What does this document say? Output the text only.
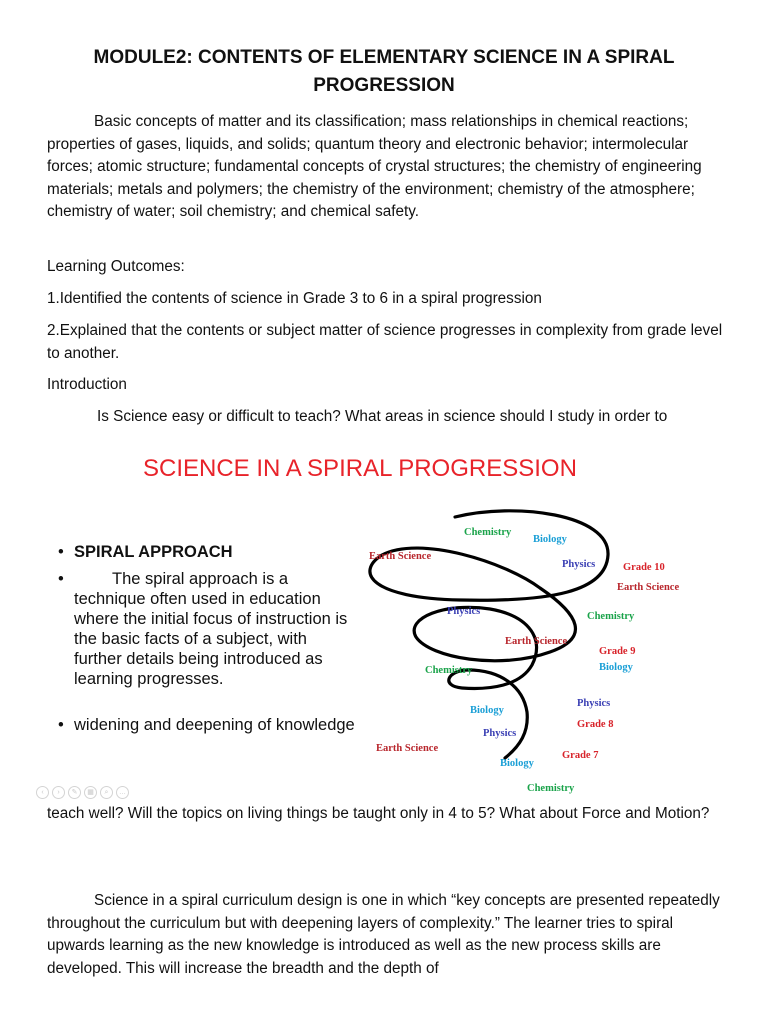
MODULE2: CONTENTS OF ELEMENTARY SCIENCE IN A SPIRAL PROGRESSION

Basic concepts of matter and its classification; mass relationships in chemical reactions; properties of gases, liquids, and solids; quantum theory and electronic behavior; intermolecular forces; atomic structure; fundamental concepts of crystal structures; the chemistry of engineering materials; metals and polymers; the chemistry of the environment; chemistry of the atmosphere; chemistry of water; soil chemistry; and chemical safety.

Learning Outcomes:

1.Identified the contents of science in Grade 3 to 6 in a spiral progression

2.Explained that the contents or subject matter of science progresses in complexity from grade level to another.

Introduction

Is Science easy or difficult to teach? What areas in science should I study in order to

SCIENCE IN A SPIRAL PROGRESSION
• SPIRAL APPROACH
•	The spiral approach is a technique often used in education where the initial focus of instruction is the basic facts of a subject, with further details being introduced as learning progresses.
• widening and deepening of knowledge
Chemistry
Biology
Earth Science
Physics	Grade 10
Earth Science
Physics	Chemistry
Earth Science
Grade 9
Chemistry	Biology
Physics
Biology
Grade 8
Physics
Earth Science
Grade 7
Biology
Chemistry
‹	›	✎	▦	⌕	…

teach well? Will the topics on living things be taught only in 4 to 5? What about Force and Motion?

Science in a spiral curriculum design is one in which “key concepts are presented repeatedly throughout the curriculum but with deepening layers of complexity.” The learner tries to spiral upwards learning as the new knowledge is introduced as well as the new process skills are developed. This will increase the breadth and the depth of
